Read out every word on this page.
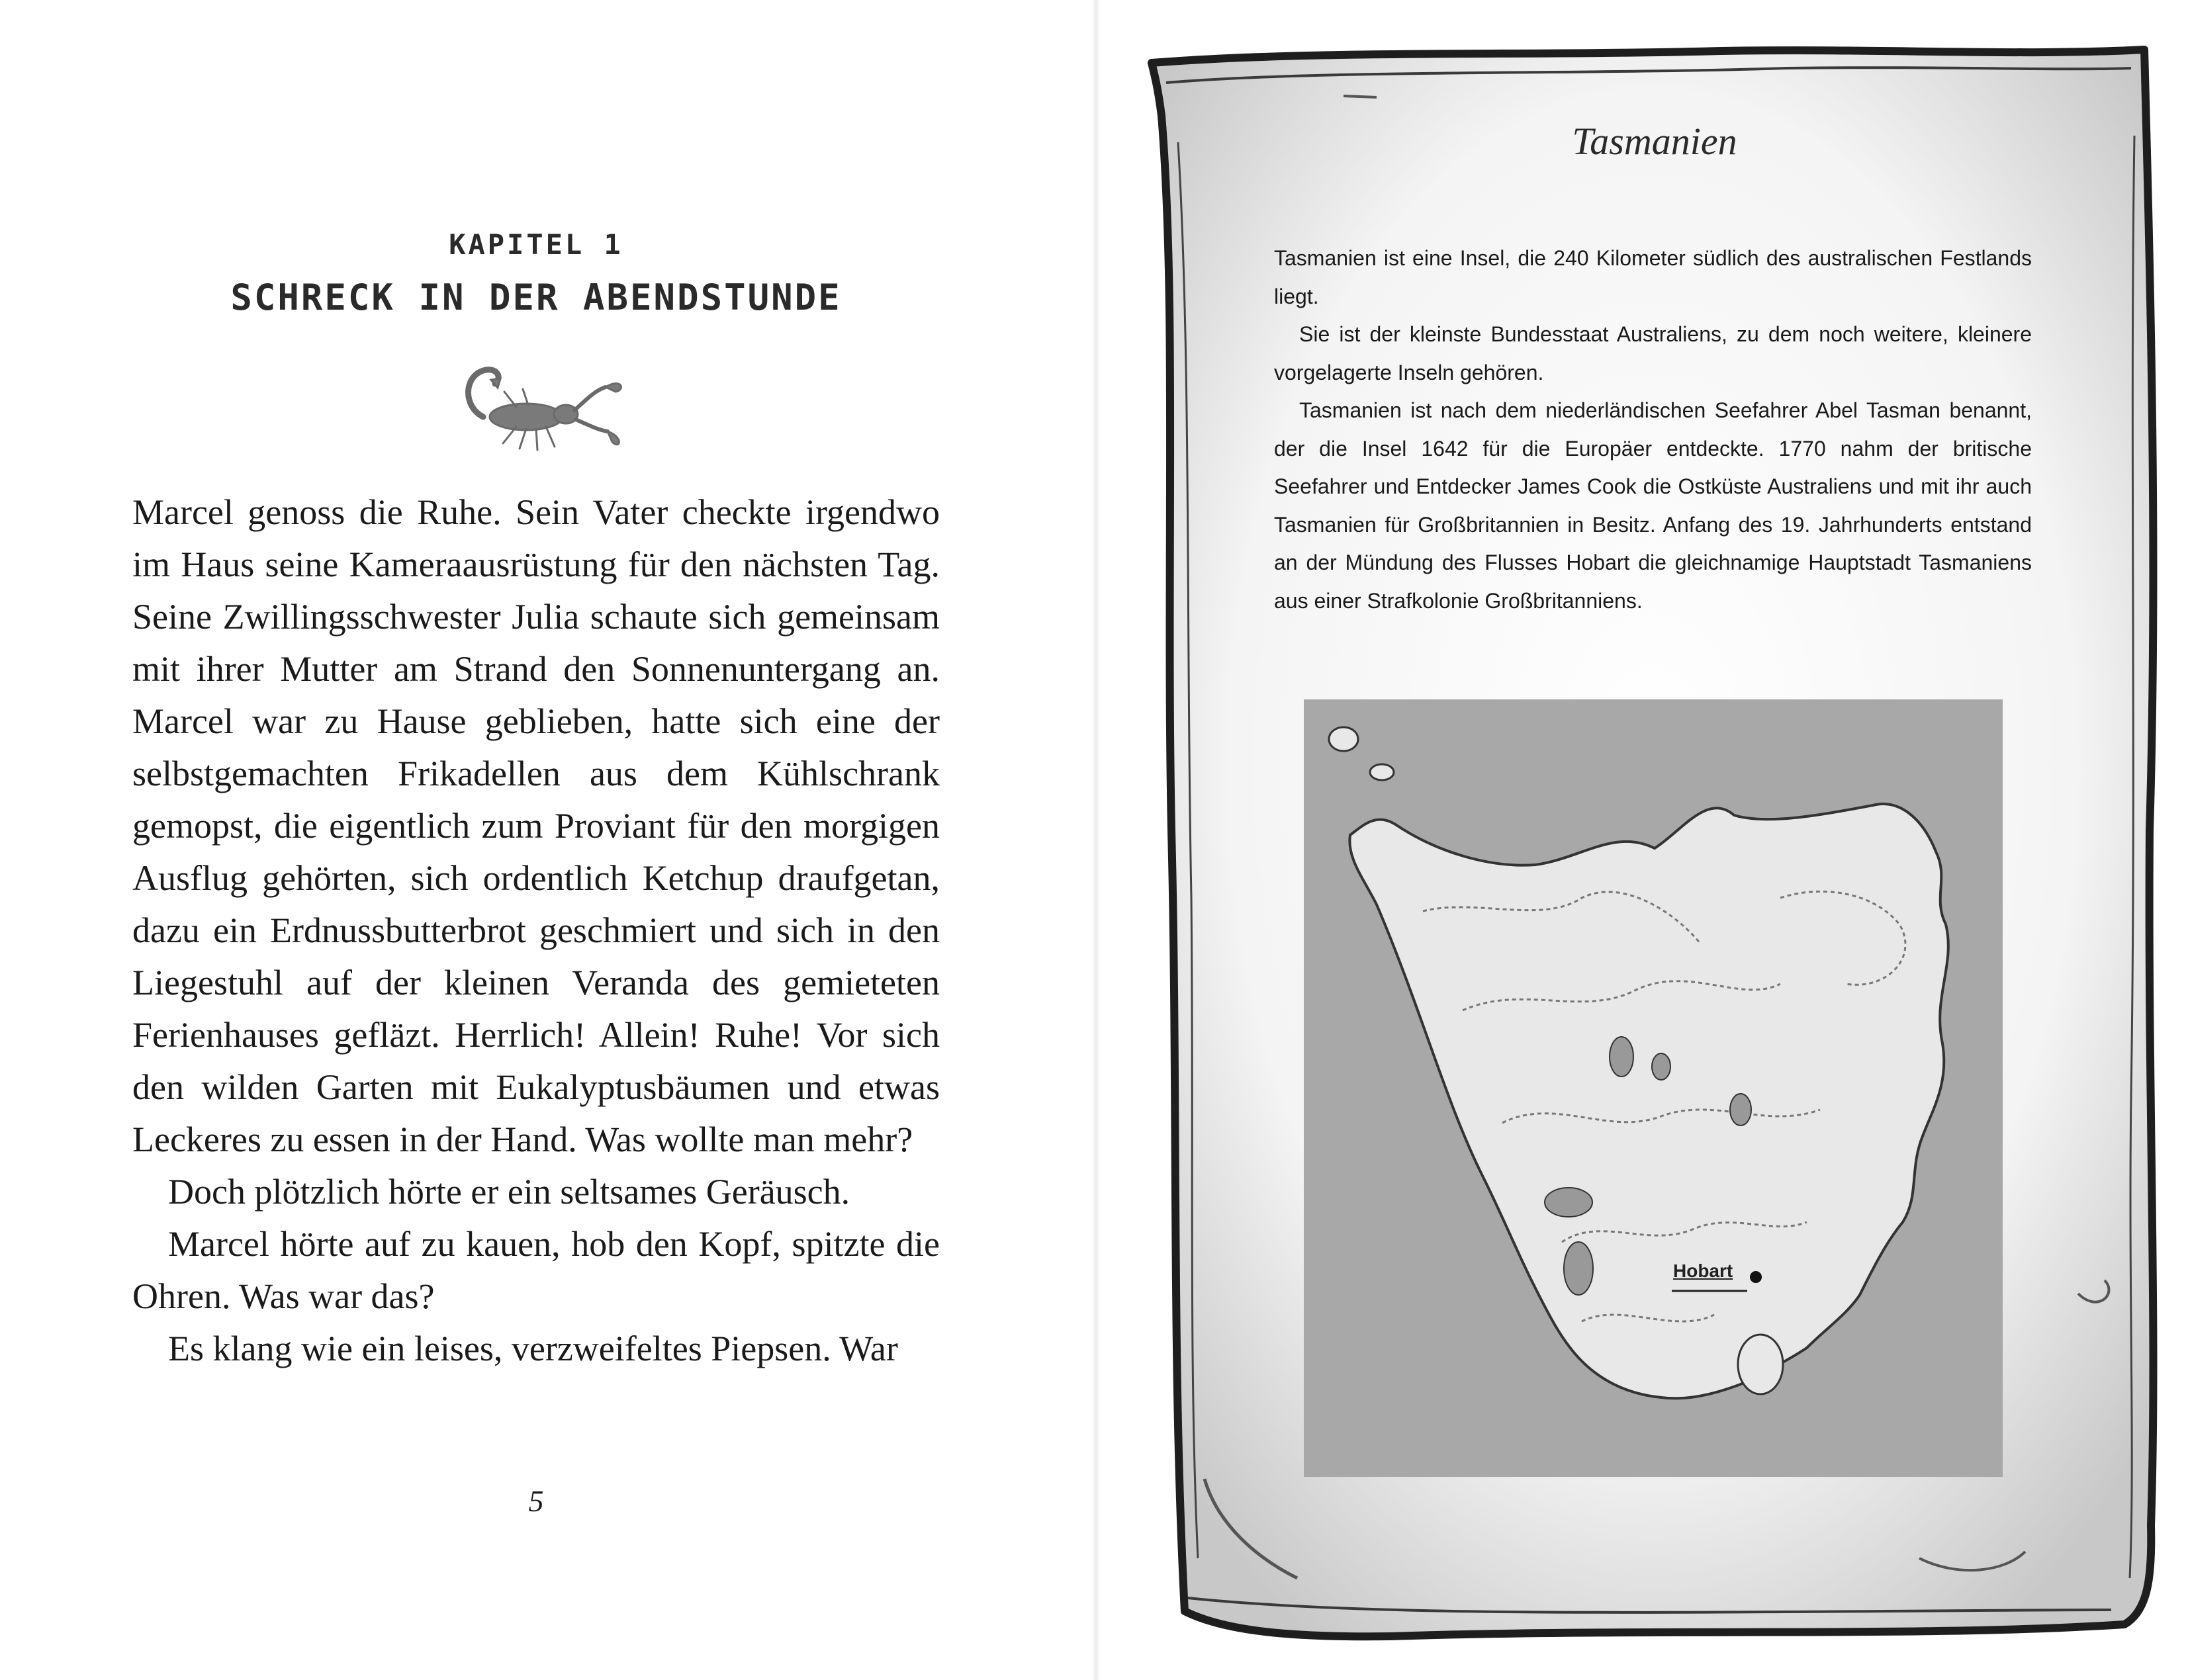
KAPITEL 1
SCHRECK IN DER ABENDSTUNDE

Marcel genoss die Ruhe. Sein Vater checkte irgendwo im Haus seine Kameraausrüstung für den nächsten Tag. Seine Zwillingsschwester Julia schaute sich gemeinsam mit ihrer Mutter am Strand den Sonnenuntergang an. Marcel war zu Hause geblieben, hatte sich eine der selbstgemachten Frikadellen aus dem Kühlschrank gemopst, die eigentlich zum Proviant für den morgigen Ausflug gehörten, sich ordentlich Ketchup draufgetan, dazu ein Erdnussbutterbrot geschmiert und sich in den Liegestuhl auf der kleinen Veranda des gemieteten Ferienhauses gefläzt. Herrlich! Allein! Ruhe! Vor sich den wilden Garten mit Eukalyptusbäumen und etwas Leckeres zu essen in der Hand. Was wollte man mehr?

Doch plötzlich hörte er ein seltsames Geräusch.

Marcel hörte auf zu kauen, hob den Kopf, spitzte die Ohren. Was war das?

Es klang wie ein leises, verzweifeltes Piepsen. War

5
Tasmanien

Tasmanien ist eine Insel, die 240 Kilometer südlich des australischen Festlands liegt.

Sie ist der kleinste Bundesstaat Australiens, zu dem noch weitere, kleinere vorgelagerte Inseln gehören.

Tasmanien ist nach dem niederländischen Seefahrer Abel Tasman benannt, der die Insel 1642 für die Europäer entdeckte. 1770 nahm der britische Seefahrer und Entdecker James Cook die Ostküste Australiens und mit ihr auch Tasmanien für Großbritannien in Besitz. Anfang des 19. Jahrhunderts entstand an der Mündung des Flusses Hobart die gleichnamige Hauptstadt Tasmaniens aus einer Strafkolonie Großbritanniens.

Hobart
